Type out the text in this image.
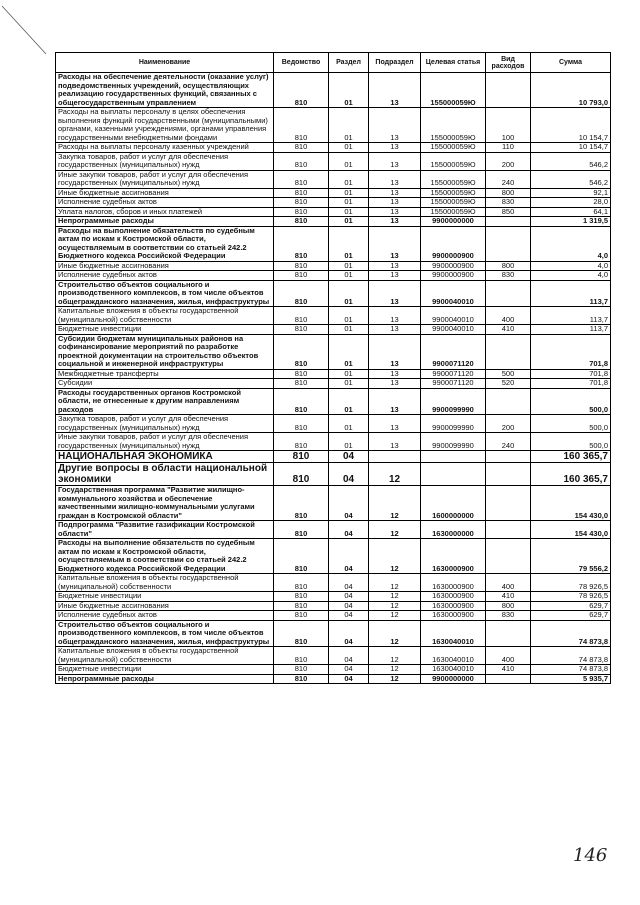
Наименование	Ведомство	Раздел	Подраздел	Целевая статья	Вид расходов	Сумма
Расходы на обеспечение деятельности (оказание услуг) подведомственных учреждений, осуществляющих реализацию государственных функций, связанных с общегосударственным управлением	810	01	13	155000059Ю		10 793,0
Расходы на выплаты персоналу в целях обеспечения выполнения функций государственными (муниципальными) органами, казенными учреждениями, органами управления государственными внебюджетными фондами	810	01	13	155000059Ю	100	10 154,7
Расходы на выплаты персоналу казенных учреждений	810	01	13	155000059Ю	110	10 154,7
Закупка товаров, работ и услуг для обеспечения государственных (муниципальных) нужд	810	01	13	155000059Ю	200	546,2
Иные закупки товаров, работ и услуг для обеспечения государственных (муниципальных) нужд	810	01	13	155000059Ю	240	546,2
Иные бюджетные ассигнования	810	01	13	155000059Ю	800	92,1
Исполнение судебных актов	810	01	13	155000059Ю	830	28,0
Уплата налогов, сборов и иных платежей	810	01	13	155000059Ю	850	64,1
Непрограммные расходы	810	01	13	9900000000		1 319,5
Расходы на выполнение обязательств по судебным актам по искам к Костромской области, осуществляемым в соответствии со статьей 242.2 Бюджетного кодекса Российской Федерации	810	01	13	9900000900		4,0
Иные бюджетные ассигнования	810	01	13	9900000900	800	4,0
Исполнение судебных актов	810	01	13	9900000900	830	4,0
Строительство объектов социального и производственного комплексов, в том числе объектов общегражданского назначения, жилья, инфраструктуры	810	01	13	9900040010		113,7
Капитальные вложения в объекты государственной (муниципальной) собственности	810	01	13	9900040010	400	113,7
Бюджетные инвестиции	810	01	13	9900040010	410	113,7
Субсидии бюджетам муниципальных районов на софинансирование мероприятий по разработке проектной документации на строительство объектов социальной и инженерной инфраструктуры	810	01	13	9900071120		701,8
Межбюджетные трансферты	810	01	13	9900071120	500	701,8
Субсидии	810	01	13	9900071120	520	701,8
Расходы государственных органов Костромской области, не отнесенные к другим направлениям расходов	810	01	13	9900099990		500,0
Закупка товаров, работ и услуг для обеспечения государственных (муниципальных) нужд	810	01	13	9900099990	200	500,0
Иные закупки товаров, работ и услуг для обеспечения государственных (муниципальных) нужд	810	01	13	9900099990	240	500,0
НАЦИОНАЛЬНАЯ ЭКОНОМИКА	810	04				160 365,7
Другие вопросы в области национальной экономики	810	04	12			160 365,7
Государственная программа "Развитие жилищно-коммунального хозяйства и обеспечение качественными жилищно-коммунальными услугами граждан в Костромской области"	810	04	12	1600000000		154 430,0
Подпрограмма "Развитие газификации Костромской области"	810	04	12	1630000000		154 430,0
Расходы на выполнение обязательств по судебным актам по искам к Костромской области, осуществляемым в соответствии со статьей 242.2 Бюджетного кодекса Российской Федерации	810	04	12	1630000900		79 556,2
Капитальные вложения в объекты государственной (муниципальной) собственности	810	04	12	1630000900	400	78 926,5
Бюджетные инвестиции	810	04	12	1630000900	410	78 926,5
Иные бюджетные ассигнования	810	04	12	1630000900	800	629,7
Исполнение судебных актов	810	04	12	1630000900	830	629,7
Строительство объектов социального и производственного комплексов, в том числе объектов общегражданского назначения, жилья, инфраструктуры	810	04	12	1630040010		74 873,8
Капитальные вложения в объекты государственной (муниципальной) собственности	810	04	12	1630040010	400	74 873,8
Бюджетные инвестиции	810	04	12	1630040010	410	74 873,8
Непрограммные расходы	810	04	12	9900000000		5 935,7
146
